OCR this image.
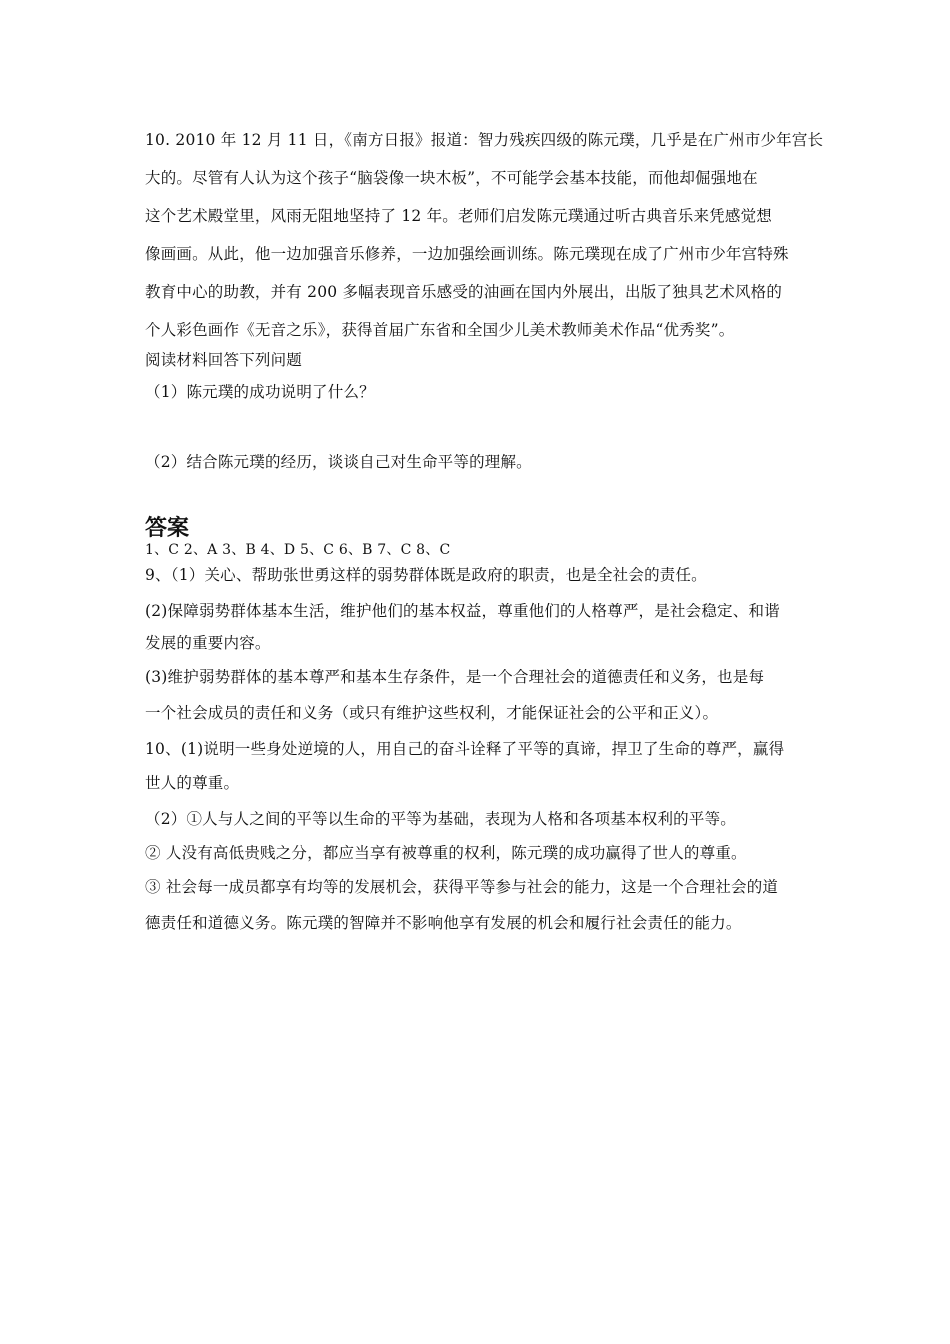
10. 2010 年 12 月 11 日，《南方日报》报道：智力残疾四级的陈元璞，几乎是在广州市少年宫长
大的。尽管有人认为这个孩子“脑袋像一块木板”，不可能学会基本技能，而他却倔强地在
这个艺术殿堂里，风雨无阻地坚持了 12 年。老师们启发陈元璞通过听古典音乐来凭感觉想
像画画。从此，他一边加强音乐修养，一边加强绘画训练。陈元璞现在成了广州市少年宫特殊
教育中心的助教，并有 200 多幅表现音乐感受的油画在国内外展出，出版了独具艺术风格的
个人彩色画作《无音之乐》，获得首届广东省和全国少儿美术教师美术作品“优秀奖”。
阅读材料回答下列问题
（1）陈元璞的成功说明了什么？
（2）结合陈元璞的经历，谈谈自己对生命平等的理解。
答案
1、C 2、A 3、B 4、D 5、C 6、B 7、C 8、C
9、（1）关心、帮助张世勇这样的弱势群体既是政府的职责，也是全社会的责任。
(2)保障弱势群体基本生活，维护他们的基本权益，尊重他们的人格尊严，是社会稳定、和谐
发展的重要内容。
(3)维护弱势群体的基本尊严和基本生存条件，是一个合理社会的道德责任和义务，也是每
一个社会成员的责任和义务（或只有维护这些权利，才能保证社会的公平和正义）。
10、(1)说明一些身处逆境的人，用自己的奋斗诠释了平等的真谛，捍卫了生命的尊严，赢得
世人的尊重。
（2）①人与人之间的平等以生命的平等为基础，表现为人格和各项基本权利的平等。
② 人没有高低贵贱之分，都应当享有被尊重的权利，陈元璞的成功赢得了世人的尊重。
③ 社会每一成员都享有均等的发展机会，获得平等参与社会的能力，这是一个合理社会的道
德责任和道德义务。陈元璞的智障并不影响他享有发展的机会和履行社会责任的能力。
